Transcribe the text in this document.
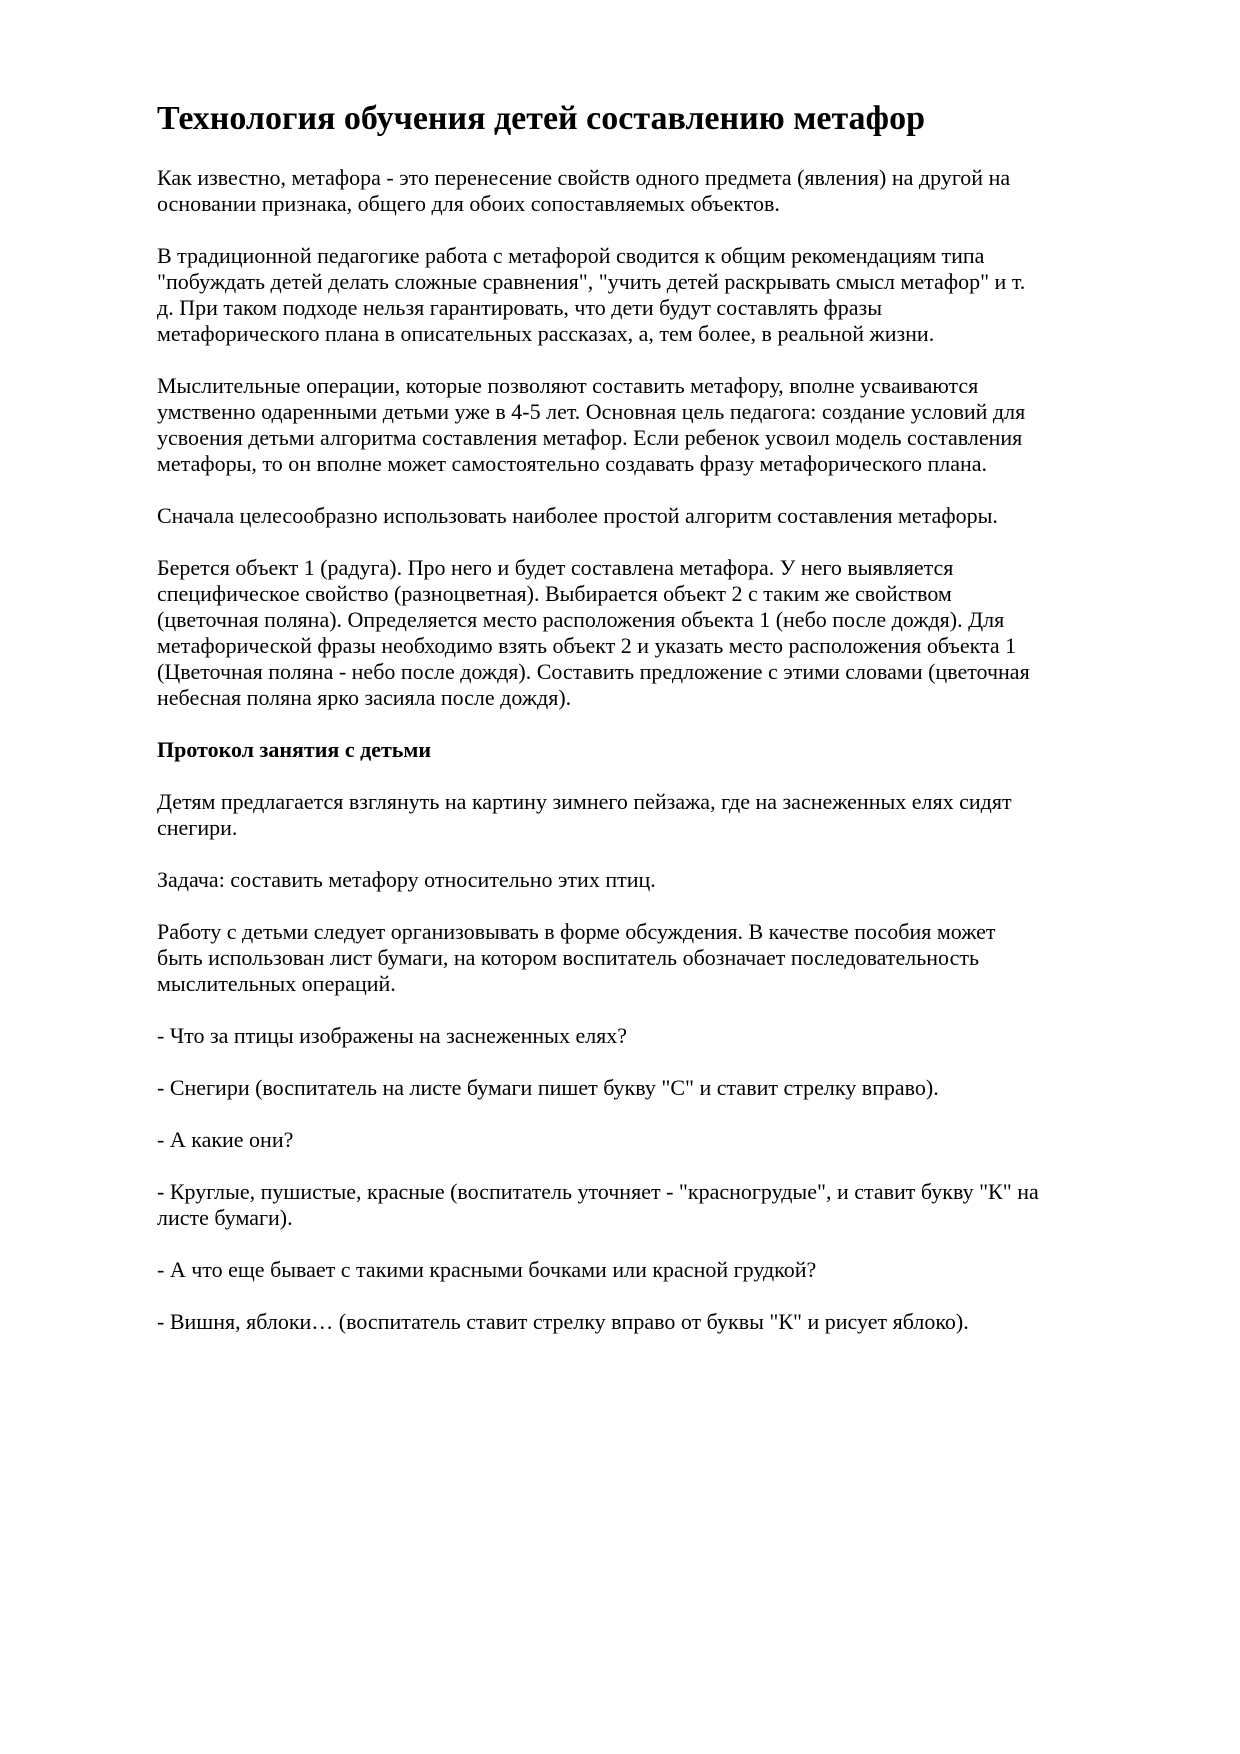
Технология обучения детей составлению метафор

Как известно, метафора - это перенесение свойств одного предмета (явления) на другой на основании признака, общего для обоих сопоставляемых объектов.

В традиционной педагогике работа с метафорой сводится к общим рекомендациям типа "побуждать детей делать сложные сравнения", "учить детей раскрывать смысл метафор" и т. д. При таком подходе нельзя гарантировать, что дети будут составлять фразы метафорического плана в описательных рассказах, а, тем более, в реальной жизни.

Мыслительные операции, которые позволяют составить метафору, вполне усваиваются умственно одаренными детьми уже в 4-5 лет. Основная цель педагога: создание условий для усвоения детьми алгоритма составления метафор. Если ребенок усвоил модель составления метафоры, то он вполне может самостоятельно создавать фразу метафорического плана.

Сначала целесообразно использовать наиболее простой алгоритм составления метафоры.

Берется объект 1 (радуга). Про него и будет составлена метафора. У него выявляется специфическое свойство (разноцветная). Выбирается объект 2 с таким же свойством (цветочная поляна). Определяется место расположения объекта 1 (небо после дождя). Для метафорической фразы необходимо взять объект 2 и указать место расположения объекта 1 (Цветочная поляна - небо после дождя). Составить предложение с этими словами (цветочная небесная поляна ярко засияла после дождя).

Протокол занятия с детьми

Детям предлагается взглянуть на картину зимнего пейзажа, где на заснеженных елях сидят снегири.

Задача: составить метафору относительно этих птиц.

Работу с детьми следует организовывать в форме обсуждения. В качестве пособия может быть использован лист бумаги, на котором воспитатель обозначает последовательность мыслительных операций.

- Что за птицы изображены на заснеженных елях?

- Снегири (воспитатель на листе бумаги пишет букву "С" и ставит стрелку вправо).

- А какие они?

- Круглые, пушистые, красные (воспитатель уточняет - "красногрудые", и ставит букву "К" на листе бумаги).

- А что еще бывает с такими красными бочками или красной грудкой?

- Вишня, яблоки… (воспитатель ставит стрелку вправо от буквы "К" и рисует яблоко).
